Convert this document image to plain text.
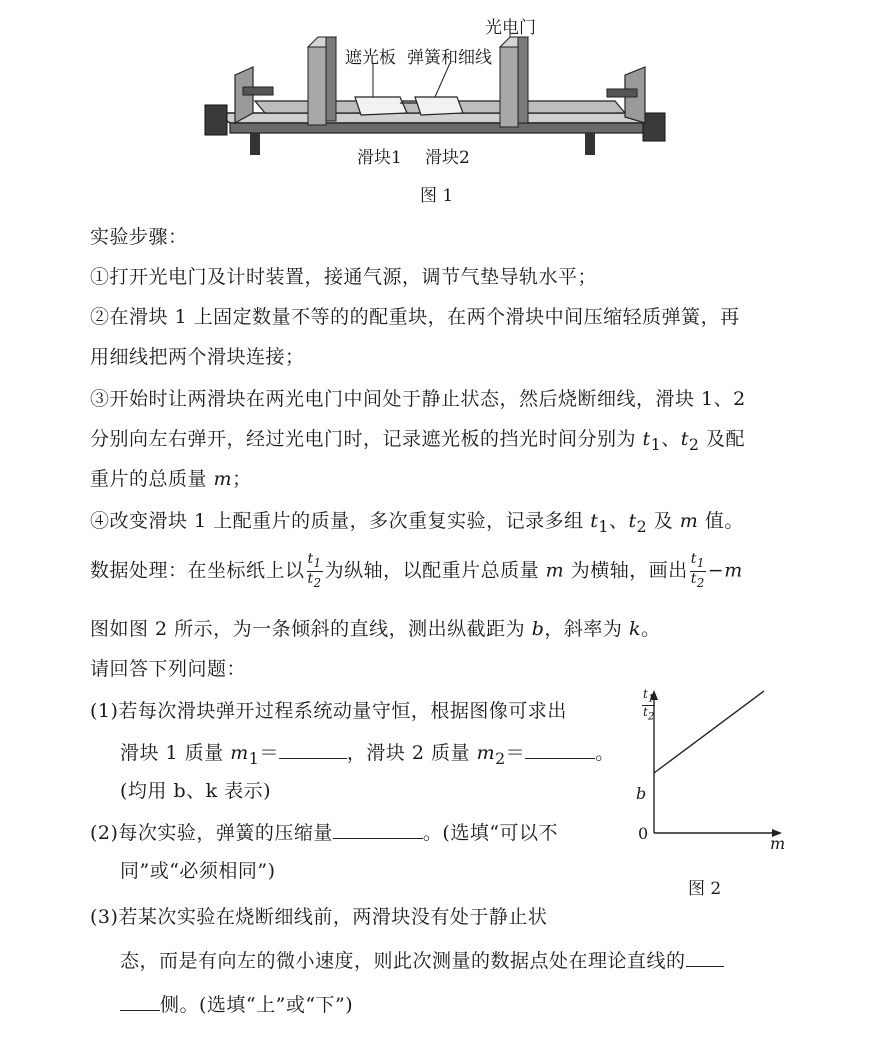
光电门
遮光板 弹簧和细线
滑块1 滑块2
图 1
实验步骤：
①打开光电门及计时装置，接通气源，调节气垫导轨水平；
②在滑块 1 上固定数量不等的的配重块，在两个滑块中间压缩轻质弹簧，再
用细线把两个滑块连接；
③开始时让两滑块在两光电门中间处于静止状态，然后烧断细线，滑块 1、2
分别向左右弹开，经过光电门时，记录遮光板的挡光时间分别为 $t_1$、$t_2$ 及配
重片的总质量 m；
④改变滑块 1 上配重片的质量，多次重复实验，记录多组 $t_1$、$t_2$ 及 m 值。
数据处理：在坐标纸上以 $\frac{t_1}{t_2}$ 为纵轴，以配重片总质量 m 为横轴，画出 $\frac{t_1}{t_2} -m$
图如图 2 所示，为一条倾斜的直线，测出纵截距为 b，斜率为 k。
请回答下列问题：
(1)若每次滑块弹开过程系统动量守恒，根据图像可求出
滑块 1 质量 $m_1=$	，滑块 2 质量 $m_2=$	。
(均用 b、k 表示)
(2)每次实验，弹簧的压缩量	。(选填“可以不
同”或“必须相同”)
(3)若某次实验在烧断细线前，两滑块没有处于静止状
态，而是有向左的微小速度，则此次测量的数据点处在理论直线的
侧。(选填“上”或“下”)
$\frac{t_1}{t_2}$
b
0
m
图 2
